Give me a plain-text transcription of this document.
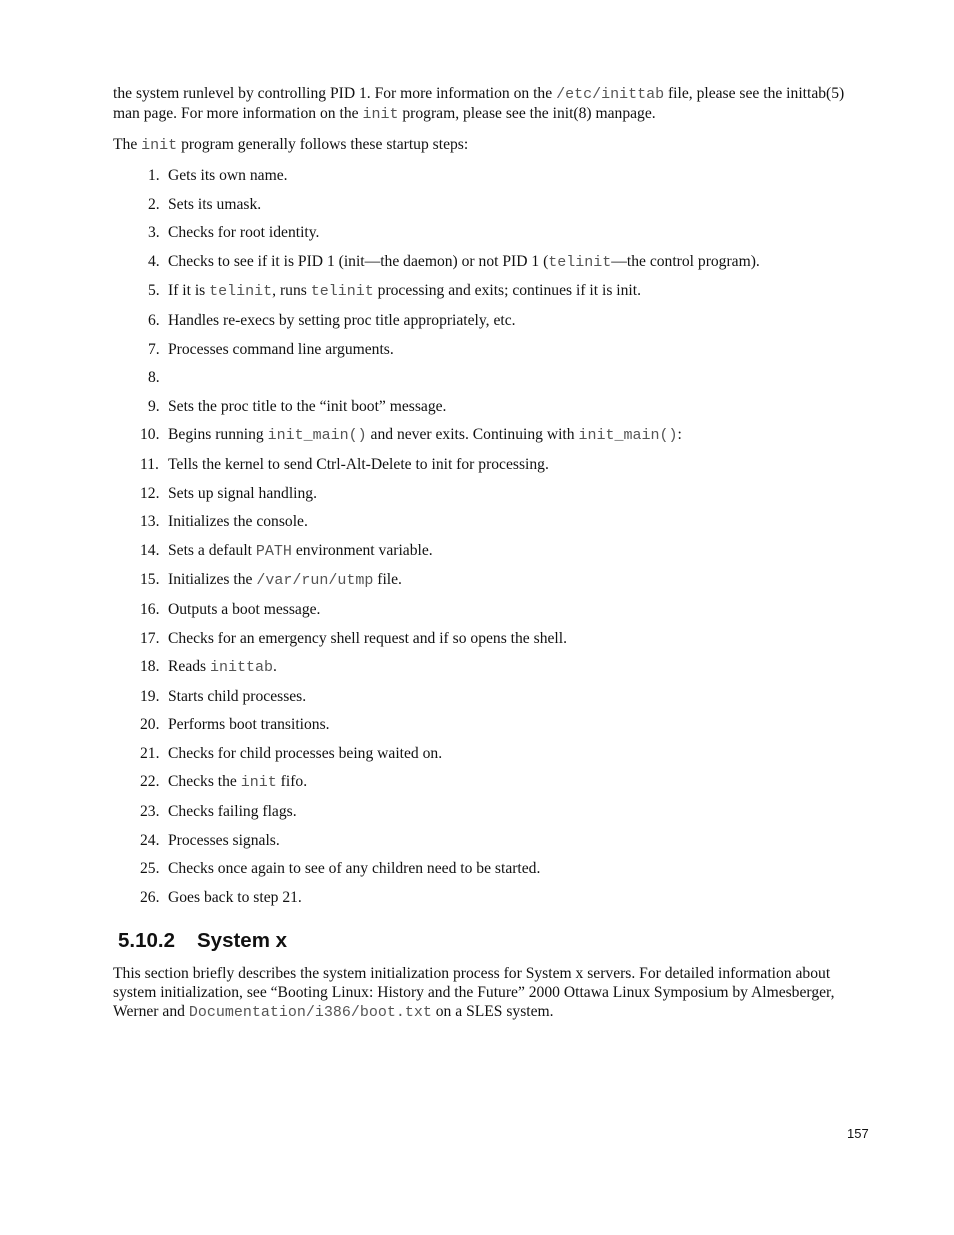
the system runlevel by controlling PID 1. For more information on the /etc/inittab file, please see the inittab(5) man page. For more information on the init program, please see the init(8) manpage.

The init program generally follows these startup steps:

1. Gets its own name.
2. Sets its umask.
3. Checks for root identity.
4. Checks to see if it is PID 1 (init—the daemon) or not PID 1 (telinit—the control program).
5. If it is telinit, runs telinit processing and exits; continues if it is init.
6. Handles re-execs by setting proc title appropriately, etc.
7. Processes command line arguments.
8.
9. Sets the proc title to the “init boot” message.
10. Begins running init_main() and never exits. Continuing with init_main():
11. Tells the kernel to send Ctrl-Alt-Delete to init for processing.
12. Sets up signal handling.
13. Initializes the console.
14. Sets a default PATH environment variable.
15. Initializes the /var/run/utmp file.
16. Outputs a boot message.
17. Checks for an emergency shell request and if so opens the shell.
18. Reads inittab.
19. Starts child processes.
20. Performs boot transitions.
21. Checks for child processes being waited on.
22. Checks the init fifo.
23. Checks failing flags.
24. Processes signals.
25. Checks once again to see of any children need to be started.
26. Goes back to step 21.
5.10.2 System x
This section briefly describes the system initialization process for System x servers. For detailed information about system initialization, see “Booting Linux: History and the Future” 2000 Ottawa Linux Symposium by Almesberger, Werner and Documentation/i386/boot.txt on a SLES system.
157
